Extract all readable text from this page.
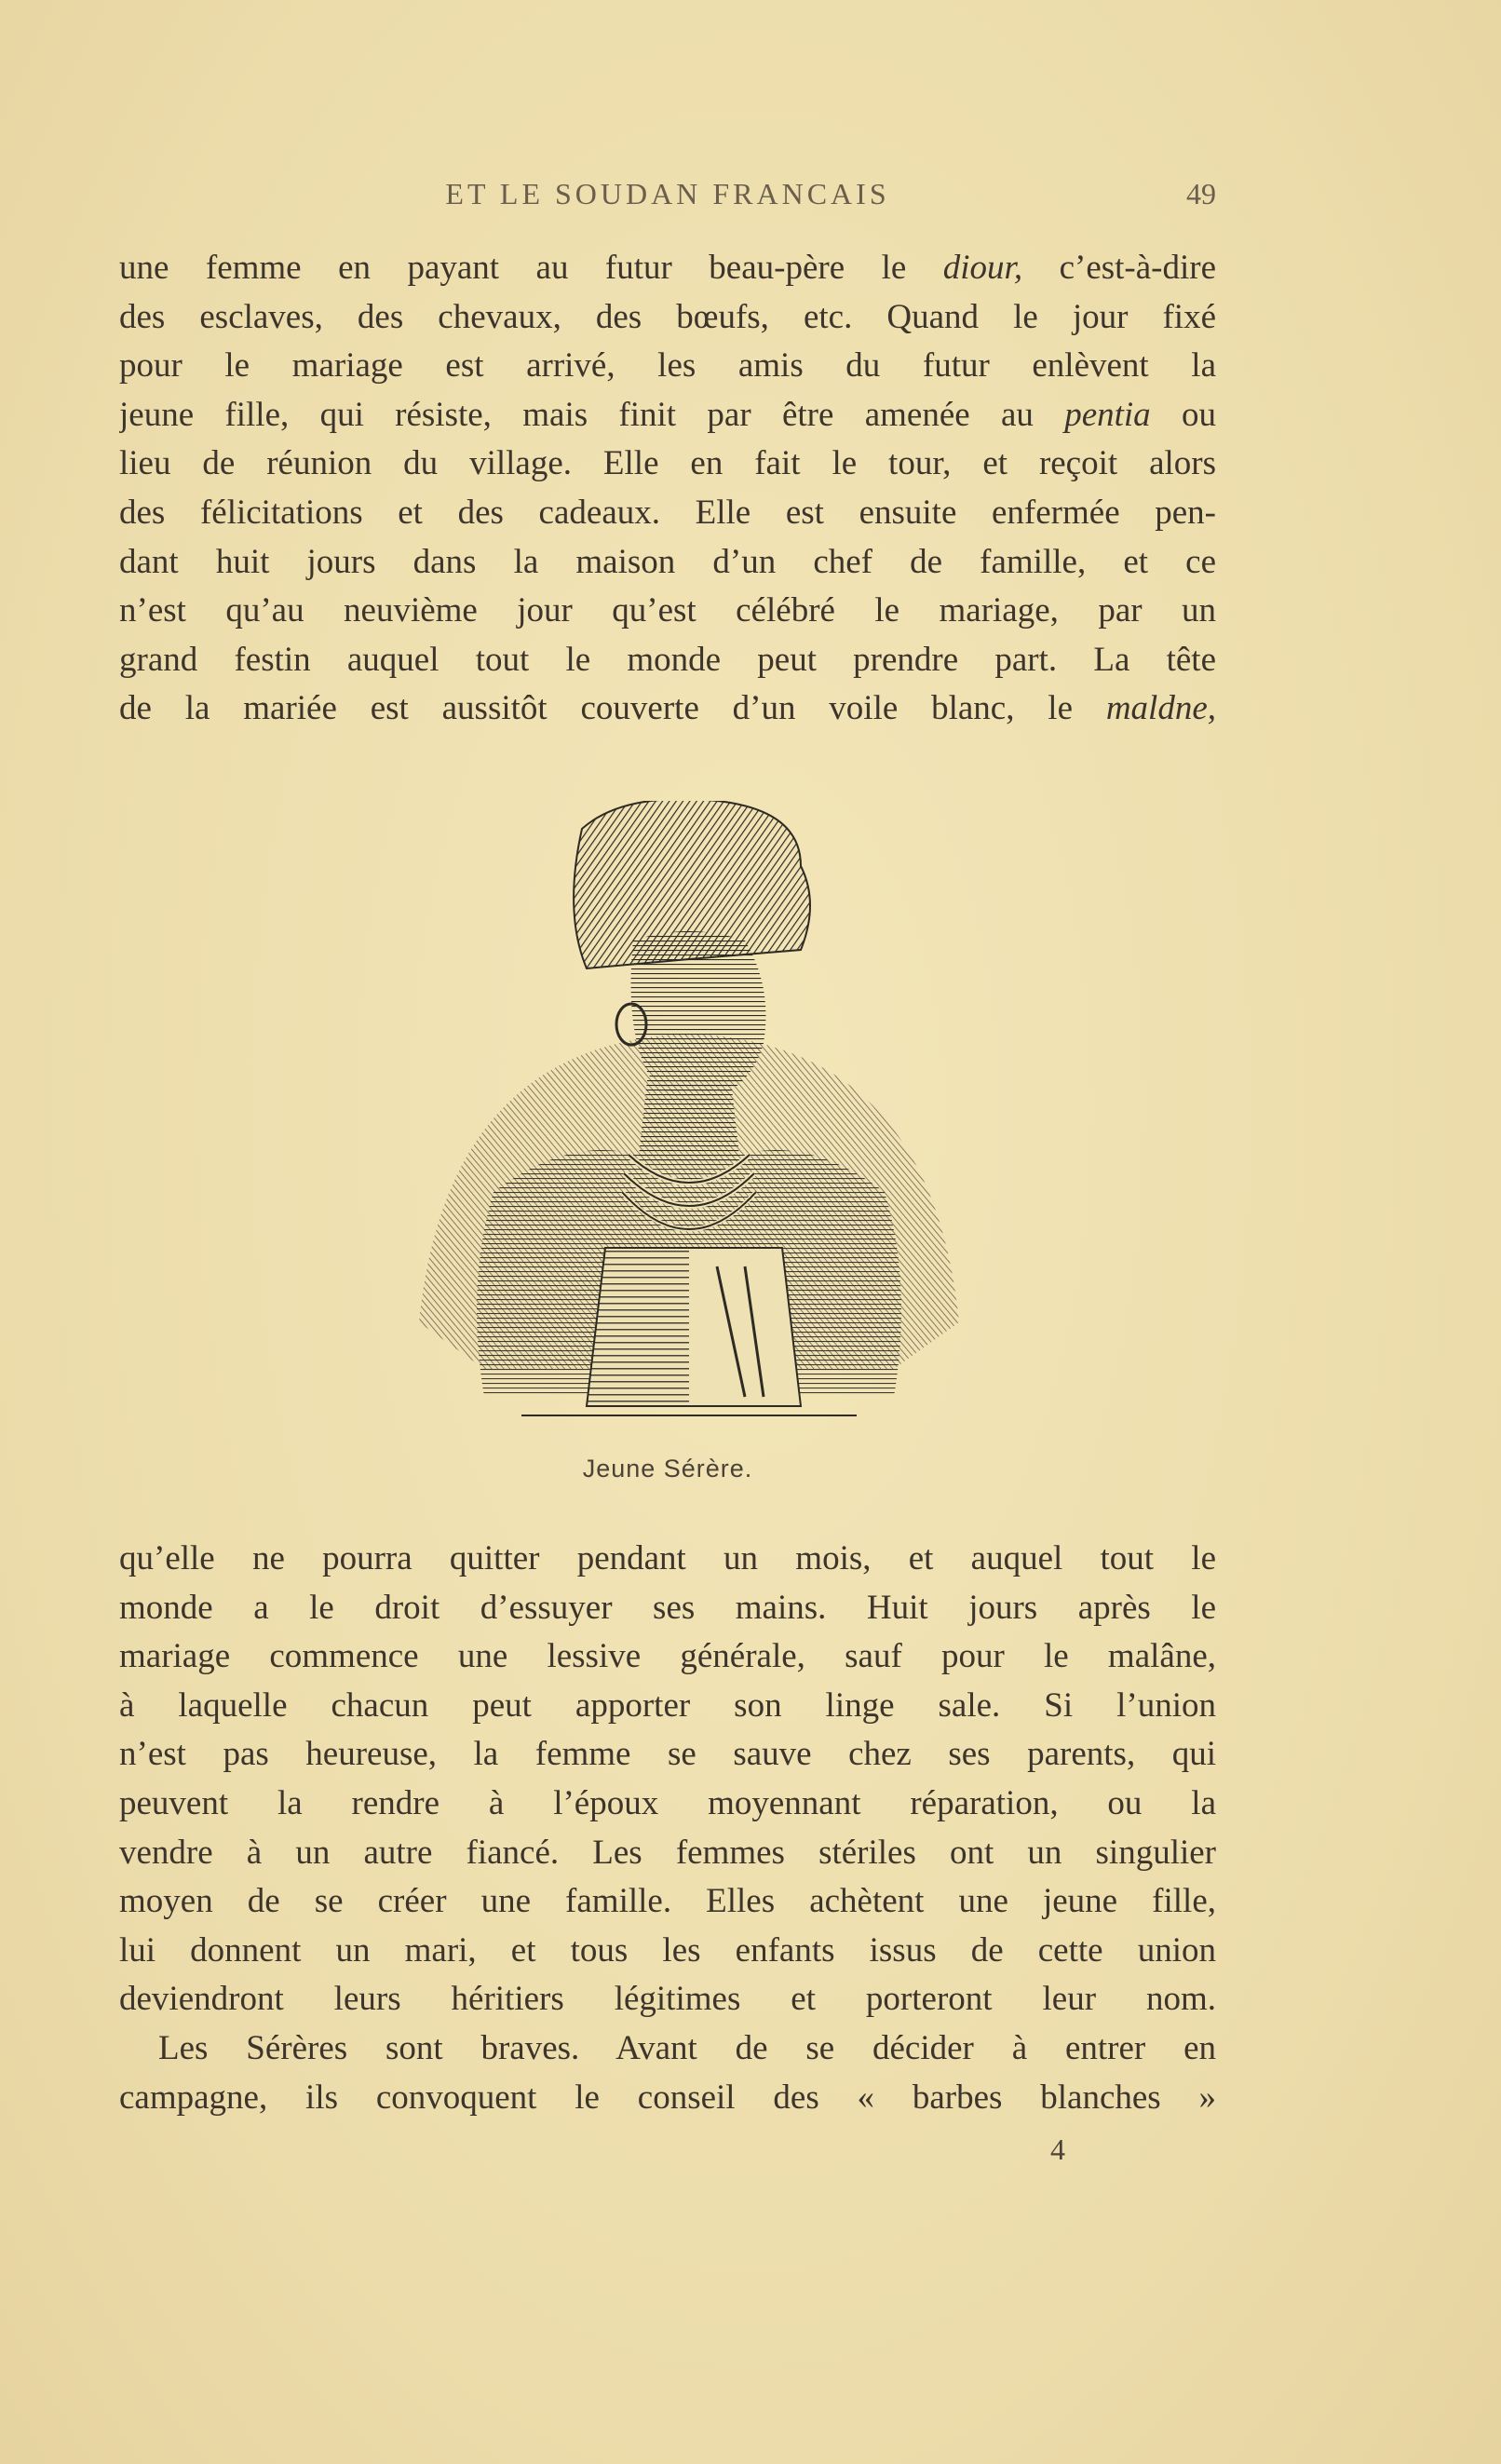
ET LE SOUDAN FRANCAIS	49
une femme en payant au futur beau-père le diour, c’est-à-dire
des esclaves, des chevaux, des bœufs, etc. Quand le jour fixé
pour le mariage est arrivé, les amis du futur enlèvent la
jeune fille, qui résiste, mais finit par être amenée au pentia ou
lieu de réunion du village. Elle en fait le tour, et reçoit alors
des félicitations et des cadeaux. Elle est ensuite enfermée pen-
dant huit jours dans la maison d’un chef de famille, et ce
n’est qu’au neuvième jour qu’est célébré le mariage, par un
grand festin auquel tout le monde peut prendre part. La tête
de la mariée est aussitôt couverte d’un voile blanc, le maldne,
Jeune Sérère.
qu’elle ne pourra quitter pendant un mois, et auquel tout le
monde a le droit d’essuyer ses mains. Huit jours après le
mariage commence une lessive générale, sauf pour le malâne,
à laquelle chacun peut apporter son linge sale. Si l’union
n’est pas heureuse, la femme se sauve chez ses parents, qui
peuvent la rendre à l’époux moyennant réparation, ou la
vendre à un autre fiancé. Les femmes stériles ont un singulier
moyen de se créer une famille. Elles achètent une jeune fille,
lui donnent un mari, et tous les enfants issus de cette union
deviendront leurs héritiers légitimes et porteront leur nom.
Les Sérères sont braves. Avant de se décider à entrer en
campagne, ils convoquent le conseil des « barbes blanches »
4
